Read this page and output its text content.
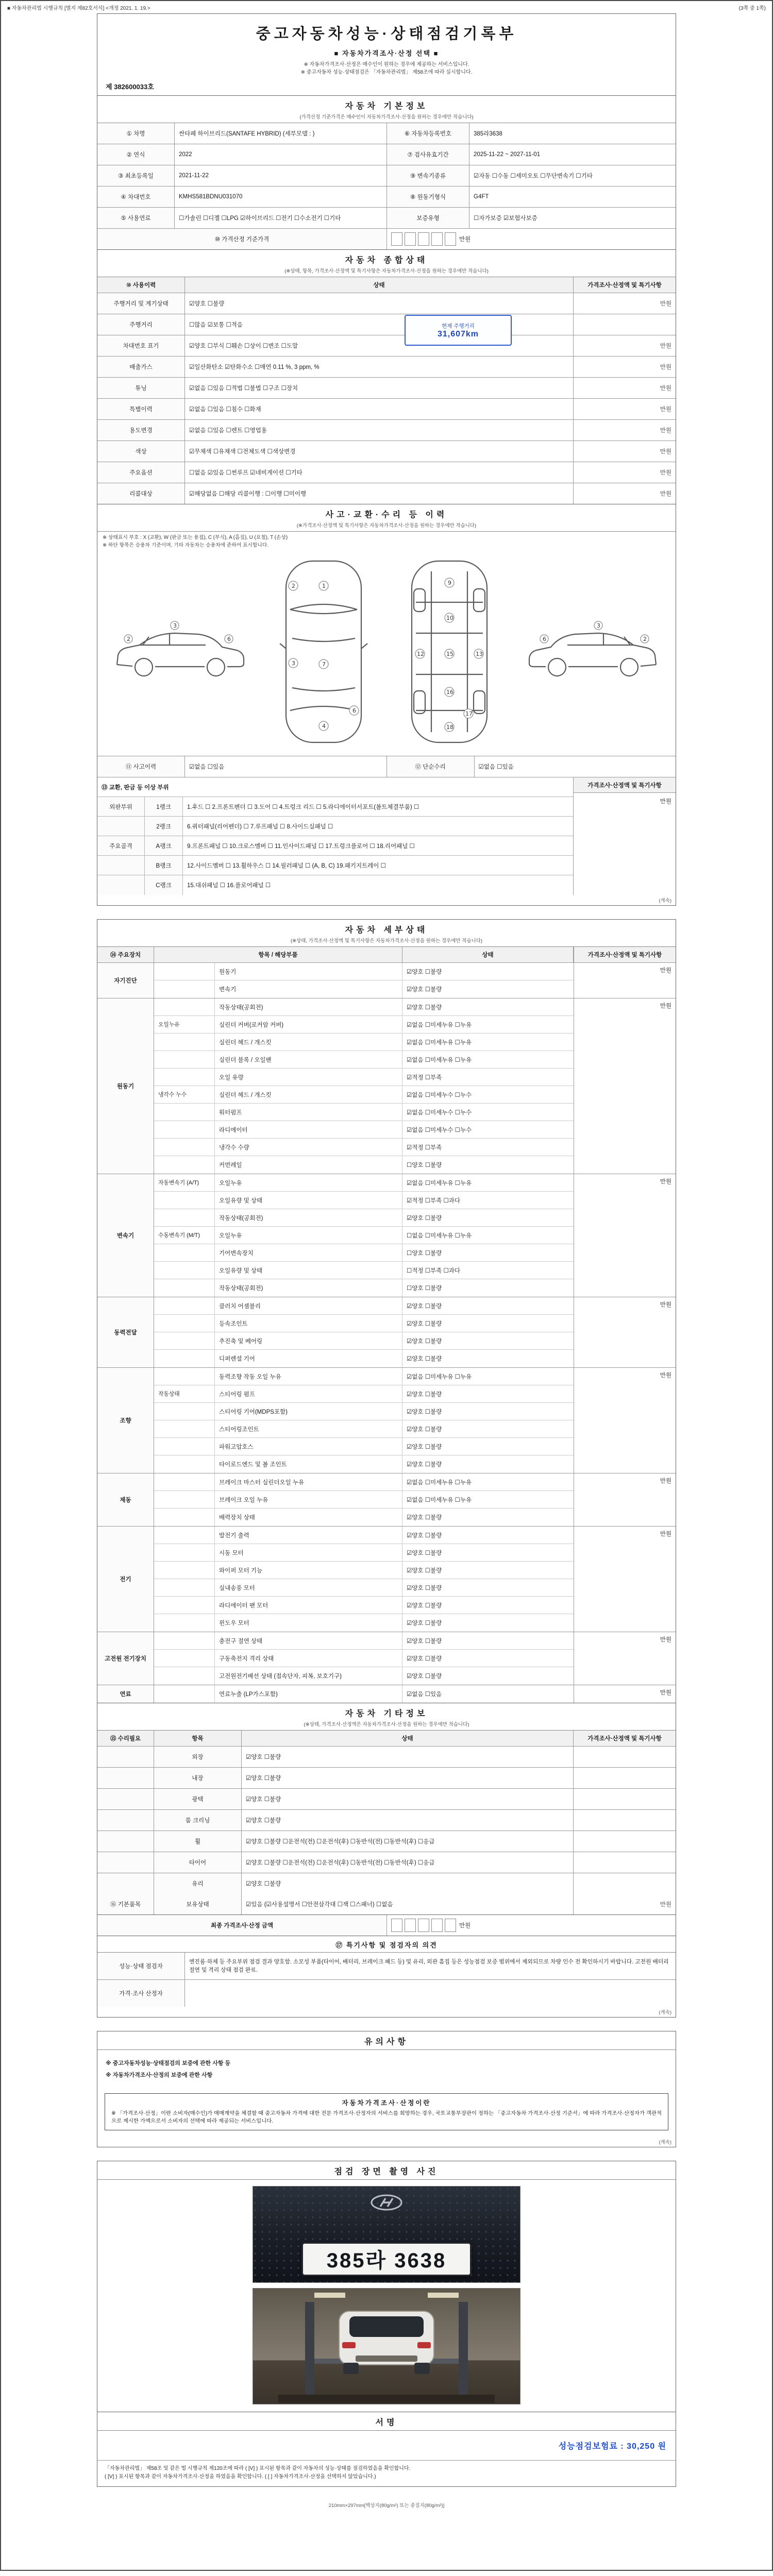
■ 자동차관리법 시행규칙 [별지 제82호서식] <개정 2021. 1. 19.>	(3쪽 중 1쪽)
중고자동차성능·상태점검기록부
■ 자동차가격조사·산정 선택 ■
※ 자동차가격조사·산정은 매수인이 원하는 경우에 제공하는 서비스입니다.
※ 중고자동차 성능·상태점검은 「자동차관리법」 제58조에 따라 실시합니다.
제 382600033호
자동차 기본정보
(가격산정 기준가격은 매수인이 자동차가격조사·산정을 원하는 경우에만 적습니다)
① 차명	싼타페 하이브리드(SANTAFE HYBRID) (세부모델 : )	⑥ 자동차등록번호	385라3638
② 연식	2022	⑦ 검사유효기간	2025-11-22 ~ 2027-11-01
③ 최초등록일	2021-11-22	⑨ 변속기종류	☑자동 ☐수동 ☐세미오토 ☐무단변속기 ☐기타
④ 차대번호	KMHS581BDNU031070	⑧ 원동기형식	G4FT
⑤ 사용연료	☐가솔린 ☐디젤 ☐LPG ☑하이브리드 ☐전기 ☐수소전기 ☐기타	보증유형	☐자가보증 ☑보험사보증
⑩ 가격산정 기준가격	만원
자동차 종합상태
(※상태, 항목, 가격조사·산정액 및 특기사항은 자동차가격조사·산정을 원하는 경우에만 적습니다)
⑩ 사용이력	상태	가격조사·산정액 및 특기사항
현재 주행거리
31,607km
주행거리 및 계기상태	☑양호 ☐불량	만원
주행거리	☐많음 ☑보통 ☐적음
차대번호 표기	☑양호 ☐부식 ☐훼손 ☐상이 ☐변조 ☐도말	만원
배출가스	☑일산화탄소 ☑탄화수소 ☐매연 0.11 %, 3 ppm, %	만원
튜닝	☑없음 ☐있음 ☐적법 ☐불법 ☐구조 ☐장치	만원
특별이력	☑없음 ☐있음 ☐침수 ☐화재	만원
용도변경	☑없음 ☐있음 ☐렌트 ☐영업용	만원
색상	☑무채색 ☐유채색 ☐전체도색 ☐색상변경	만원
주요옵션	☐없음 ☑있음 ☐썬루프 ☑네비게이션 ☐기타	만원
리콜대상	☑해당없음 ☐해당 리콜이행 : ☐이행 ☐미이행	만원
사고·교환·수리 등 이력
(※가격조사·산정액 및 특기사항은 자동차가격조사·산정을 원하는 경우에만 적습니다)
※ 상태표시 부호 : X (교환), W (판금 또는 용접), C (부식), A (흠집), U (요철), T (손상)
※ 하단 항목은 승용차 기준이며, 기타 자동차는 승용차에 준하여 표시합니다.
2
3
6
1
7
4
2
3
6
9
10
15
16
12	13
18
17
2
3
6
⑪ 사고이력	☑없음 ☐있음	⑫ 단순수리	☑없음 ☐있음
⑬ 교환, 판금 등 이상 부위
외판부위	1랭크	1.후드 ☐ 2.프론트펜더 ☐ 3.도어 ☐ 4.트렁크 리드 ☐ 5.라디에이터서포트(볼트체결부품) ☐
2랭크	6.쿼터패널(리어펜더) ☐ 7.루프패널 ☐ 8.사이드실패널 ☐
주요골격	A랭크	9.프론트패널 ☐ 10.크로스멤버 ☐ 11.인사이드패널 ☐ 17.트렁크플로어 ☐ 18.리어패널 ☐
B랭크	12.사이드멤버 ☐ 13.휠하우스 ☐ 14.필러패널 ☐ (A, B, C) 19.패키지트레이 ☐
C랭크	15.대쉬패널 ☐ 16.플로어패널 ☐
가격조사·산정액 및 특기사항
만원
(계속)
자동차 세부상태
(※상태, 가격조사·산정액 및 특기사항은 자동차가격조사·산정을 원하는 경우에만 적습니다)
⑭ 주요장치	항목 / 해당부품	상태	가격조사·산정액 및 특기사항
자기진단
원동기	☑양호 ☐불량
변속기	☑양호 ☐불량
만원
원동기
작동상태(공회전)	☑양호 ☐불량
오일누유	실린더 커버(로커암 커버)	☑없음 ☐미세누유 ☐누유
실린더 헤드 / 개스킷	☑없음 ☐미세누유 ☐누유
실린더 블록 / 오일팬	☑없음 ☐미세누유 ☐누유
오일 유량	☑적정 ☐부족
냉각수 누수	실린더 헤드 / 개스킷	☑없음 ☐미세누수 ☐누수
워터펌프	☑없음 ☐미세누수 ☐누수
라디에이터	☑없음 ☐미세누수 ☐누수
냉각수 수량	☑적정 ☐부족
커먼레일	☐양호 ☐불량
만원
변속기
자동변속기 (A/T)	오일누유	☑없음 ☐미세누유 ☐누유
오일유량 및 상태	☑적정 ☐부족 ☐과다
작동상태(공회전)	☑양호 ☐불량
수동변속기 (M/T)	오일누유	☐없음 ☐미세누유 ☐누유
기어변속장치	☐양호 ☐불량
오일유량 및 상태	☐적정 ☐부족 ☐과다
작동상태(공회전)	☐양호 ☐불량
만원
동력전달
클러치 어셈블리	☑양호 ☐불량
등속조인트	☑양호 ☐불량
추진축 및 베어링	☑양호 ☐불량
디퍼렌셜 기어	☑양호 ☐불량
만원
조향
동력조향 작동 오일 누유	☑없음 ☐미세누유 ☐누유
작동상태	스티어링 펌프	☑양호 ☐불량
스티어링 기어(MDPS포함)	☑양호 ☐불량
스티어링조인트	☑양호 ☐불량
파워고압호스	☑양호 ☐불량
타이로드엔드 및 볼 조인트	☑양호 ☐불량
만원
제동
브레이크 마스터 실린더오일 누유	☑없음 ☐미세누유 ☐누유
브레이크 오일 누유	☑없음 ☐미세누유 ☐누유
배력장치 상태	☑양호 ☐불량
만원
전기
발전기 출력	☑양호 ☐불량
시동 모터	☑양호 ☐불량
와이퍼 모터 기능	☑양호 ☐불량
실내송풍 모터	☑양호 ☐불량
라디에이터 팬 모터	☑양호 ☐불량
윈도우 모터	☑양호 ☐불량
만원
고전원 전기장치
충전구 절연 상태	☑양호 ☐불량
구동축전지 격리 상태	☑양호 ☐불량
고전원전기배선 상태 (접속단자, 피복, 보호기구)	☑양호 ☐불량
만원
연료	연료누출 (LP가스포함)	☑없음 ☐있음	만원
자동차 기타정보
(※상태, 가격조사·산정액은 자동차가격조사·산정을 원하는 경우에만 적습니다)
⑮ 수리필요	항목	상태	가격조사·산정액 및 특기사항
외장	☑양호 ☐불량
내장	☑양호 ☐불량
광택	☑양호 ☐불량
룸 크리닝	☑양호 ☐불량
휠	☑양호 ☐불량 ☐운전석(전) ☐운전석(후) ☐동반석(전) ☐동반석(후) ☐응급
타이어	☑양호 ☐불량 ☐운전석(전) ☐운전석(후) ☐동반석(전) ☐동반석(후) ☐응급
유리	☑양호 ☐불량
⑯ 기본품목	보유상태	☑있음 (☑사용설명서 ☐안전삼각대 ☐잭 ☐스패너) ☐없음	만원
최종 가격조사·산정 금액	만원
⑰ 특기사항 및 점검자의 의견
성능·상태 점검자
엔진룸·하체 등 주요부위 점검 결과 양호함. 소모성 부품(타이어, 배터리, 브레이크 패드 등) 및 유리, 외관 흠집 등은 성능점검 보증 범위에서 제외되므로 차량 인수 전 확인하시기 바랍니다. 고전원 배터리 절연 및 격리 상태 점검 완료.
가격·조사 산정자
(계속)
유의사항
※ 중고자동차성능·상태점검의 보증에 관한 사항 등
※ 자동차가격조사·산정의 보증에 관한 사항
자동차가격조사·산정이란
※ 「가격조사·산정」이란 소비자(매수인)가 매매계약을 체결할 때 중고자동차 가격에 대한 전문 가격조사·산정자의 서비스를 희망하는 경우, 국토교통부장관이 정하는 「중고자동차 가격조사·산정 기준서」에 따라 가격조사·산정자가 객관적으로 제시한 가액으로서 소비자의 선택에 따라 제공되는 서비스입니다.
(계속)
점검 장면 촬영 사진
385라 3638
서명
성능점검보험료 : 30,250 원
「자동차관리법」 제58조 및 같은 법 시행규칙 제120조에 따라 ( [V] ) 표시된 항목과 같이 자동차의 성능·상태를 점검하였음을 확인합니다.
( [V] ) 표시된 항목과 같이 자동차가격조사·산정을 하였음을 확인합니다. ( [ ] 자동차가격조사·산정을 선택하지 않았습니다.)
210mm×297mm[백상지(80g/m²) 또는 중질지(80g/m²)]
